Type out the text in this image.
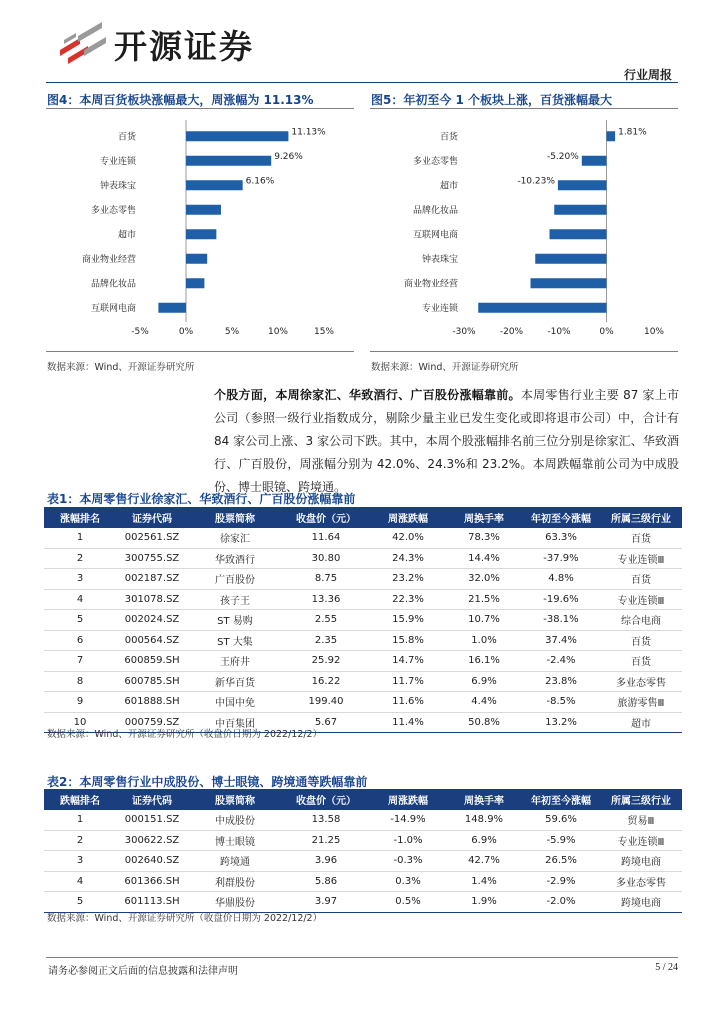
开源证券
行业周报
图4：本周百货板块涨幅最大，周涨幅为 11.13%	图5：年初至今 1 个板块上涨，百货涨幅最大
百货	11.13%
专业连锁	9.26%
钟表珠宝	6.16%
多业态零售
超市
商业物业经营
品牌化妆品
互联网电商
-5%	0%	5%	10%	15%
百货	1.81%
多业态零售	-5.20%
超市	-10.23%
品牌化妆品
互联网电商
钟表珠宝
商业物业经营
专业连锁
-30%	-20%	-10%	0%	10%
数据来源：Wind、开源证券研究所	数据来源：Wind、开源证券研究所
个股方面，本周徐家汇、华致酒行、广百股份涨幅靠前。本周零售行业主要 87 家上市公司（参照一级行业指数成分，剔除少量主业已发生变化或即将退市公司）中，合计有 84 家公司上涨、3 家公司下跌。其中，本周个股涨幅排名前三位分别是徐家汇、华致酒行、广百股份，周涨幅分别为 42.0%、24.3%和 23.2%。本周跌幅靠前公司为中成股份、博士眼镜、跨境通。
表1：本周零售行业徐家汇、华致酒行、广百股份涨幅靠前
涨幅排名	证券代码	股票简称	收盘价（元）	周涨跌幅	周换手率	年初至今涨幅	所属三级行业
1	002561.SZ	徐家汇	11.64	42.0%	78.3%	63.3%	百货
2	300755.SZ	华致酒行	30.80	24.3%	14.4%	-37.9%	专业连锁Ⅲ
3	002187.SZ	广百股份	8.75	23.2%	32.0%	4.8%	百货
4	301078.SZ	孩子王	13.36	22.3%	21.5%	-19.6%	专业连锁Ⅲ
5	002024.SZ	ST 易购	2.55	15.9%	10.7%	-38.1%	综合电商
6	000564.SZ	ST 大集	2.35	15.8%	1.0%	37.4%	百货
7	600859.SH	王府井	25.92	14.7%	16.1%	-2.4%	百货
8	600785.SH	新华百货	16.22	11.7%	6.9%	23.8%	多业态零售
9	601888.SH	中国中免	199.40	11.6%	4.4%	-8.5%	旅游零售Ⅲ
10	000759.SZ	中百集团	5.67	11.4%	50.8%	13.2%	超市
数据来源：Wind、开源证券研究所（收盘价日期为 2022/12/2）
表2：本周零售行业中成股份、博士眼镜、跨境通等跌幅靠前
跌幅排名	证券代码	股票简称	收盘价（元）	周涨跌幅	周换手率	年初至今涨幅	所属三级行业
1	000151.SZ	中成股份	13.58	-14.9%	148.9%	59.6%	贸易Ⅲ
2	300622.SZ	博士眼镜	21.25	-1.0%	6.9%	-5.9%	专业连锁Ⅲ
3	002640.SZ	跨境通	3.96	-0.3%	42.7%	26.5%	跨境电商
4	601366.SH	利群股份	5.86	0.3%	1.4%	-2.9%	多业态零售
5	601113.SH	华鼎股份	3.97	0.5%	1.9%	-2.0%	跨境电商
数据来源：Wind、开源证券研究所（收盘价日期为 2022/12/2）
请务必参阅正文后面的信息披露和法律声明	5 / 24
